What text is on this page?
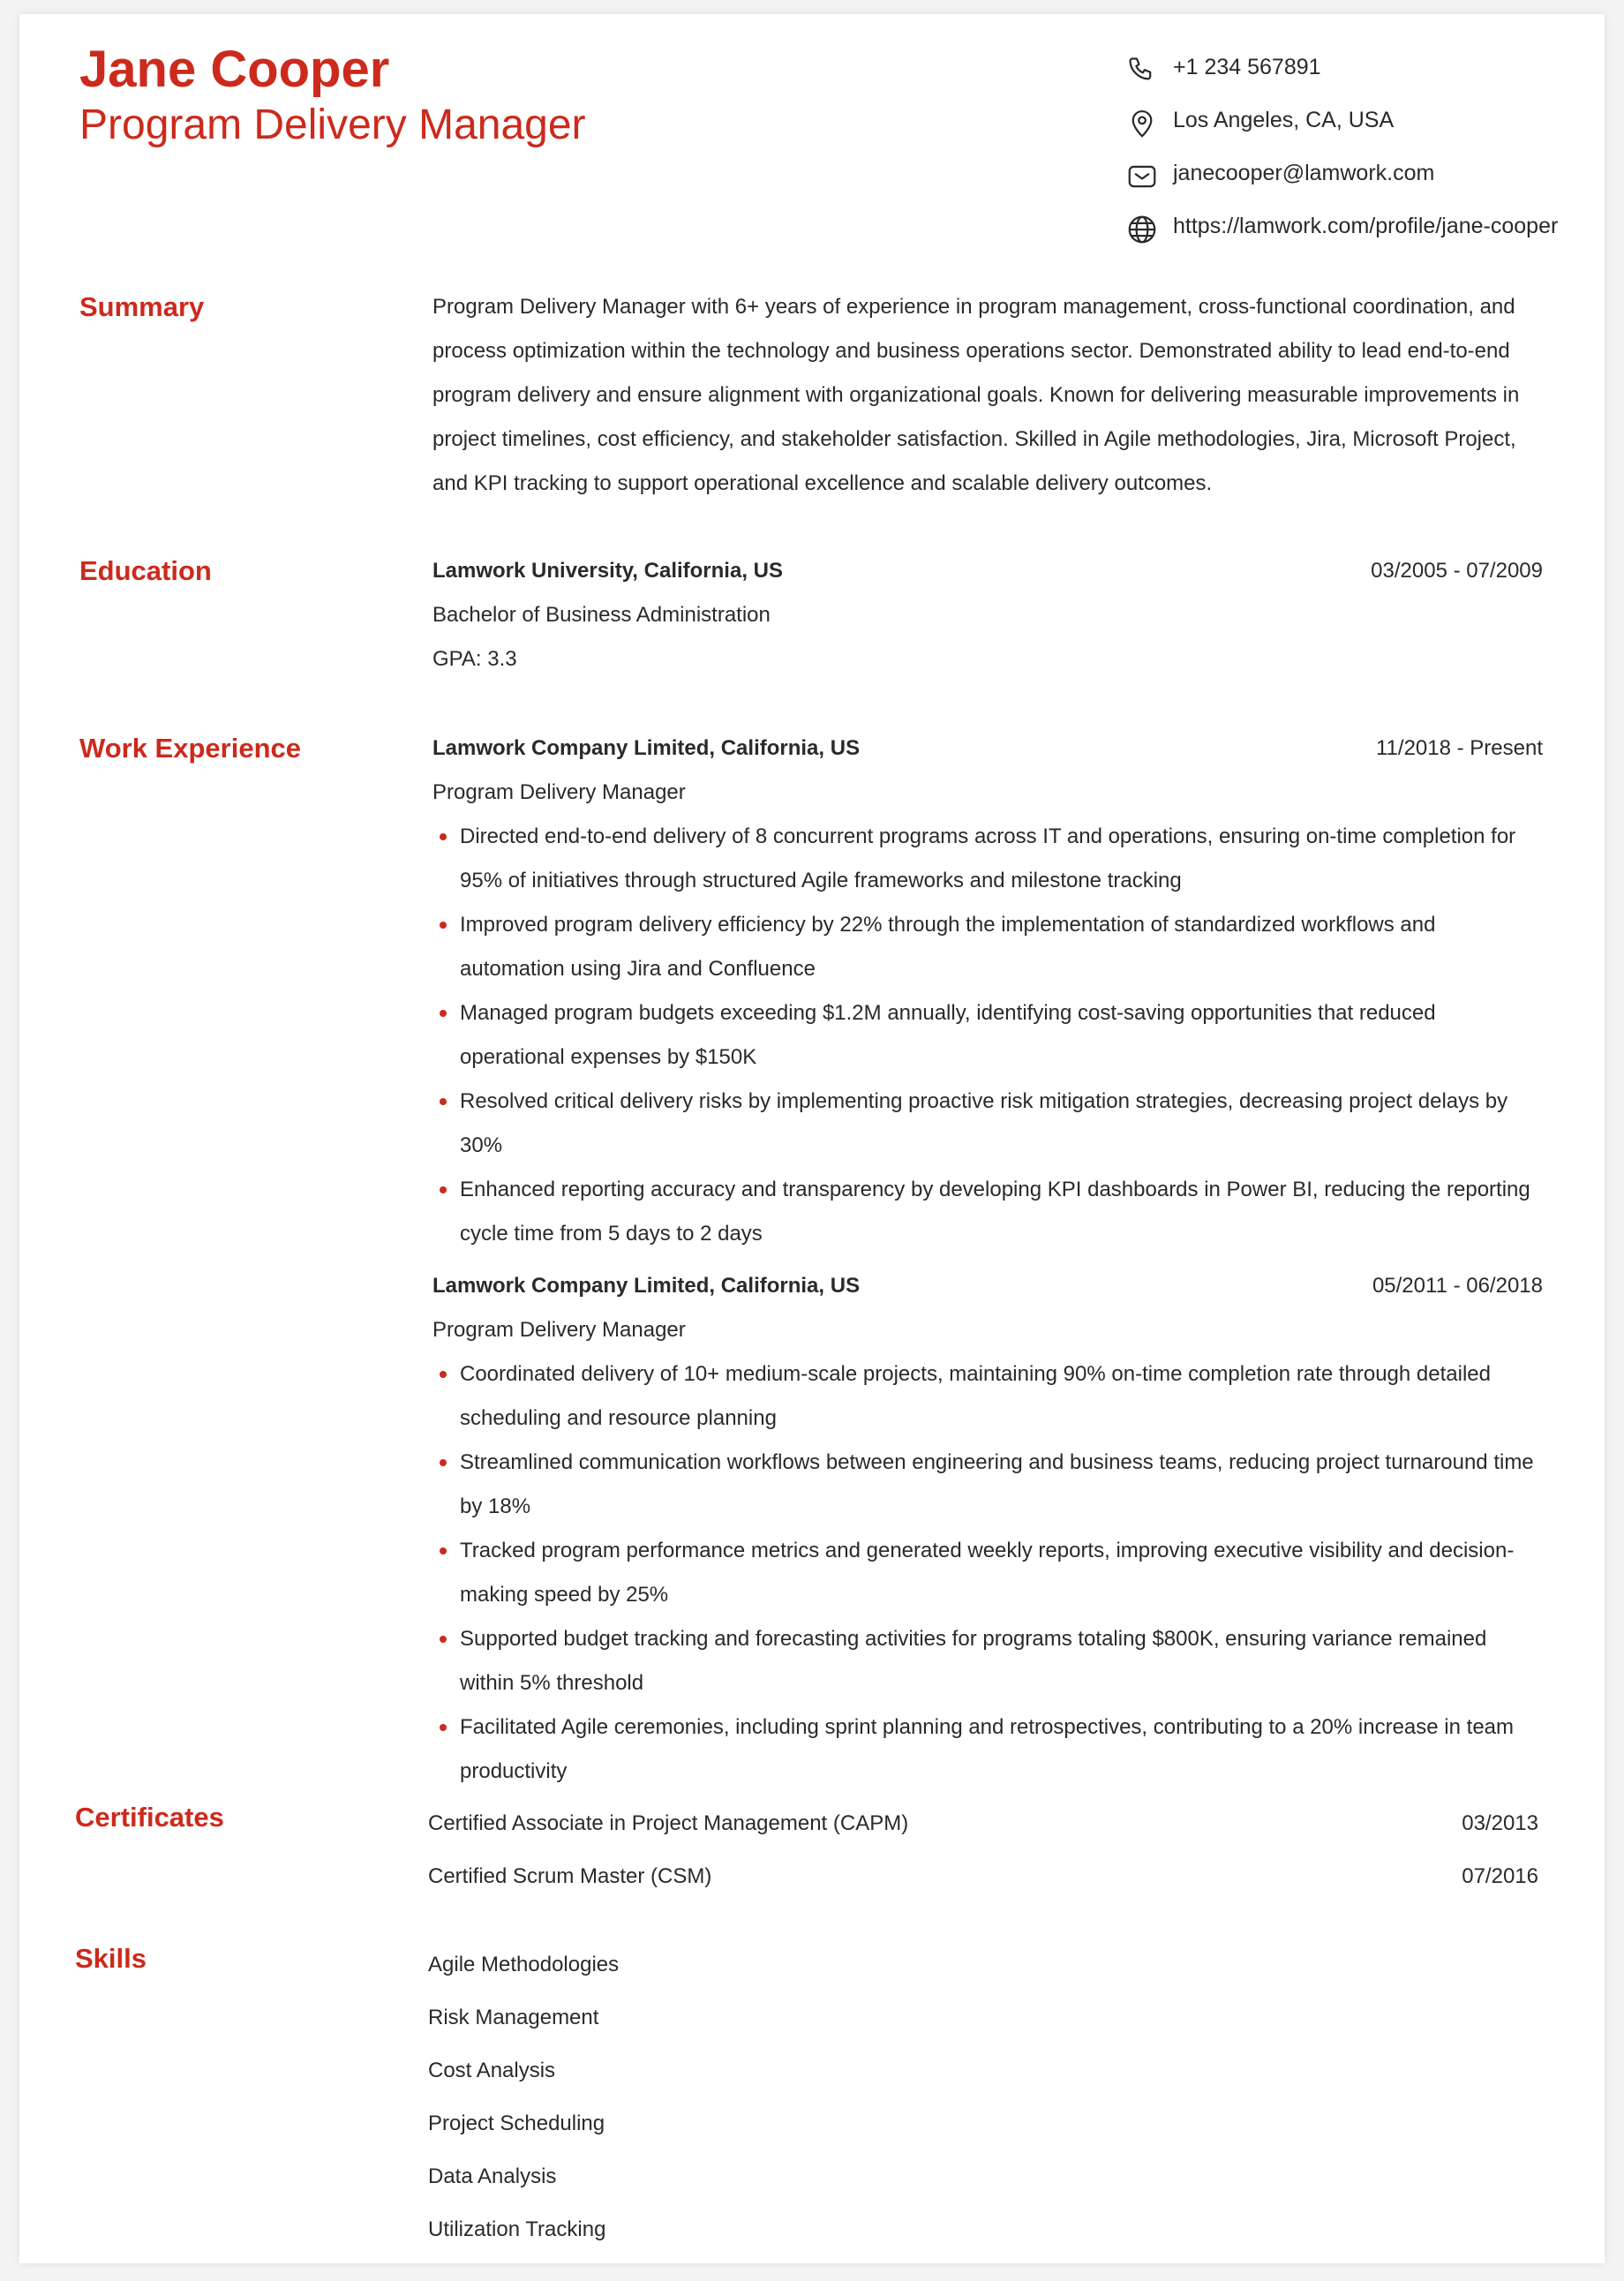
Jane Cooper
Program Delivery Manager
+1 234 567891
Los Angeles, CA, USA
janecooper@lamwork.com
https://lamwork.com/profile/jane-cooper
Summary	Program Delivery Manager with 6+ years of experience in program management, cross-functional coordination, and process optimization within the technology and business operations sector. Demonstrated ability to lead end-to-end program delivery and ensure alignment with organizational goals. Known for delivering measurable improvements in project timelines, cost efficiency, and stakeholder satisfaction. Skilled in Agile methodologies, Jira, Microsoft Project, and KPI tracking to support operational excellence and scalable delivery outcomes.

Education	Lamwork University, California, US	03/2005 - 07/2009
Bachelor of Business Administration
GPA: 3.3
Work Experience	Lamwork Company Limited, California, US	11/2018 - Present
Program Delivery Manager
Directed end-to-end delivery of 8 concurrent programs across IT and operations, ensuring on-time completion for 95% of initiatives through structured Agile frameworks and milestone tracking
Improved program delivery efficiency by 22% through the implementation of standardized workflows and automation using Jira and Confluence
Managed program budgets exceeding $1.2M annually, identifying cost-saving opportunities that reduced operational expenses by $150K
Resolved critical delivery risks by implementing proactive risk mitigation strategies, decreasing project delays by 30%
Enhanced reporting accuracy and transparency by developing KPI dashboards in Power BI, reducing the reporting cycle time from 5 days to 2 days
Lamwork Company Limited, California, US	05/2011 - 06/2018
Program Delivery Manager
Coordinated delivery of 10+ medium-scale projects, maintaining 90% on-time completion rate through detailed scheduling and resource planning
Streamlined communication workflows between engineering and business teams, reducing project turnaround time by 18%
Tracked program performance metrics and generated weekly reports, improving executive visibility and decision-making speed by 25%
Supported budget tracking and forecasting activities for programs totaling $800K, ensuring variance remained within 5% threshold
Facilitated Agile ceremonies, including sprint planning and retrospectives, contributing to a 20% increase in team productivity
Certificates	Certified Associate in Project Management (CAPM)	03/2013
Certified Scrum Master (CSM)	07/2016
Skills	Agile Methodologies
Risk Management
Cost Analysis
Project Scheduling
Data Analysis
Utilization Tracking
